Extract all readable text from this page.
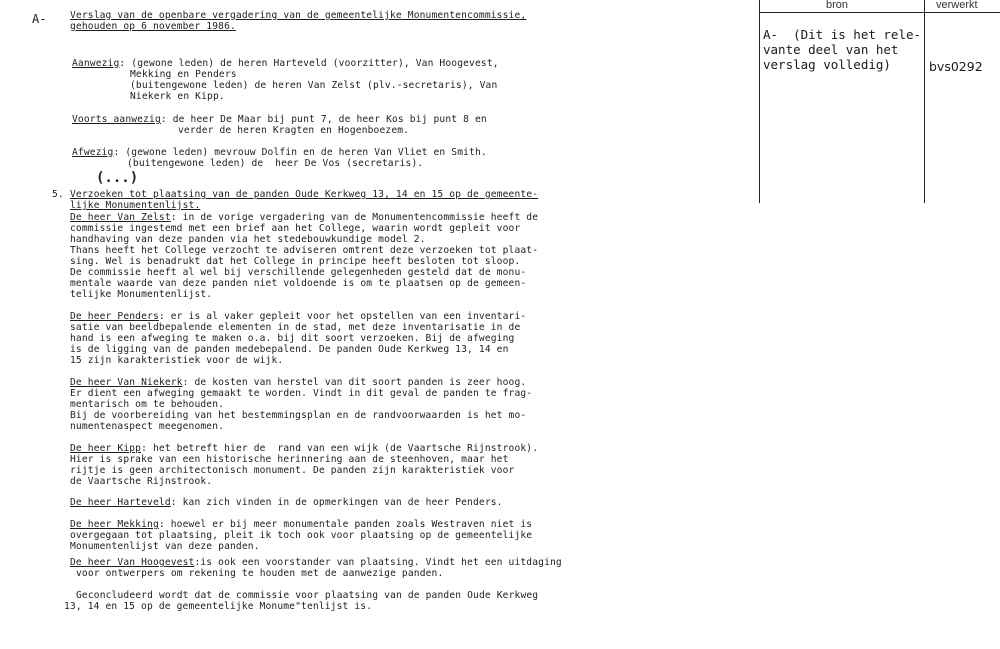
A- Verslag van de openbare vergadering van de gemeentelijke Monumentencommissie,
gehouden op 6 november 1986.
Aanwezig: (gewone leden) de heren Harteveld (voorzitter), Van Hoogevest,
Mekking en Penders
(buitengewone leden) de heren Van Zelst (plv.-secretaris), Van
Niekerk en Kipp.
Voorts aanwezig: de heer De Maar bij punt 7, de heer Kos bij punt 8 en
verder de heren Kragten en Hogenboezem.
Afwezig: (gewone leden) mevrouw Dolfin en de heren Van Vliet en Smith.
(buitengewone leden) de  heer De Vos (secretaris).
(...)
5. Verzoeken tot plaatsing van de panden Oude Kerkweg 13, 14 en 15 op de gemeente-
lijke Monumentenlijst.
De heer Van Zelst: in de vorige vergadering van de Monumentencommissie heeft de
commissie ingestemd met een brief aan het College, waarin wordt gepleit voor
handhaving van deze panden via het stedebouwkundige model 2.
Thans heeft het College verzocht te adviseren omtrent deze verzoeken tot plaat-
sing. Wel is benadrukt dat het College in principe heeft besloten tot sloop.
De commissie heeft al wel bij verschillende gelegenheden gesteld dat de monu-
mentale waarde van deze panden niet voldoende is om te plaatsen op de gemeen-
telijke Monumentenlijst.
De heer Penders: er is al vaker gepleit voor het opstellen van een inventari-
satie van beeldbepalende elementen in de stad, met deze inventarisatie in de
hand is een afweging te maken o.a. bij dit soort verzoeken. Bij de afweging
is de ligging van de panden medebepalend. De panden Oude Kerkweg 13, 14 en
15 zijn karakteristiek voor de wijk.
De heer Van Niekerk: de kosten van herstel van dit soort panden is zeer hoog.
Er dient een afweging gemaakt te worden. Vindt in dit geval de panden te frag-
mentarisch om te behouden.
Bij de voorbereiding van het bestemmingsplan en de randvoorwaarden is het mo-
numentenaspect meegenomen.
De heer Kipp: het betreft hier de  rand van een wijk (de Vaartsche Rijnstrook).
Hier is sprake van een historische herinnering aan de steenhoven, maar het
rijtje is geen architectonisch monument. De panden zijn karakteristiek voor
de Vaartsche Rijnstrook.
De heer Harteveld: kan zich vinden in de opmerkingen van de heer Penders.
De heer Mekking: hoewel er bij meer monumentale panden zoals Westraven niet is
overgegaan tot plaatsing, pleit ik toch ook voor plaatsing op de gemeentelijke
Monumentenlijst van deze panden.
De heer Van Hoogevest:is ook een voorstander van plaatsing. Vindt het een uitdaging
voor ontwerpers om rekening te houden met de aanwezige panden.
Geconcludeerd wordt dat de commissie voor plaatsing van de panden Oude Kerkweg
13, 14 en 15 op de gemeentelijke Monume"tenlijst is.
bron	verwerkt
A-  (Dit is het rele-
vante deel van het
verslag volledig)	bvs0292
